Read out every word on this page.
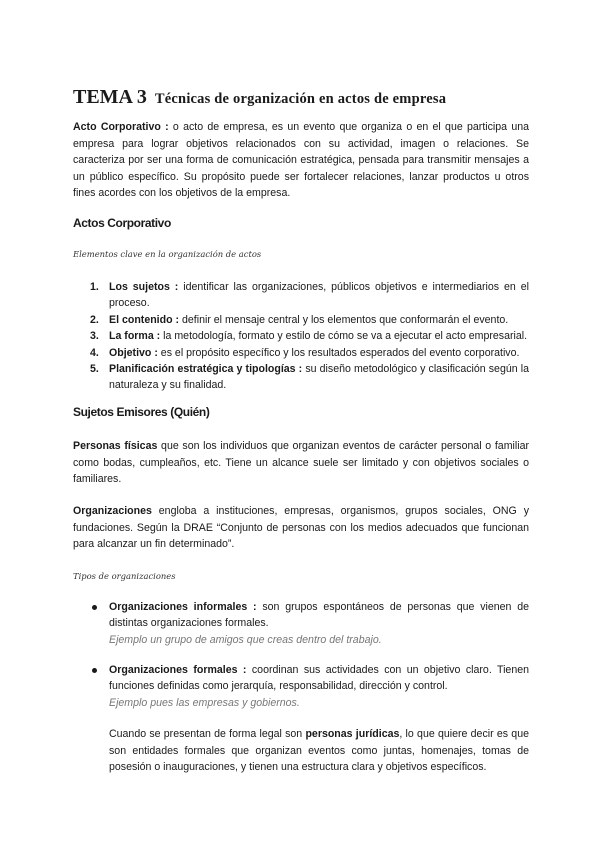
TEMA 3 Técnicas de organización en actos de empresa

Acto Corporativo : o acto de empresa, es un evento que organiza o en el que participa una empresa para lograr objetivos relacionados con su actividad, imagen o relaciones. Se caracteriza por ser una forma de comunicación estratégica, pensada para transmitir mensajes a un público específico. Su propósito puede ser fortalecer relaciones, lanzar productos u otros fines acordes con los objetivos de la empresa.

Actos Corporativo

Elementos clave en la organización de actos

1. Los sujetos : identificar las organizaciones, públicos objetivos e intermediarios en el proceso.
2. El contenido : definir el mensaje central y los elementos que conformarán el evento.
3. La forma : la metodología, formato y estilo de cómo se va a ejecutar el acto empresarial.
4. Objetivo : es el propósito específico y los resultados esperados del evento corporativo.
5. Planificación estratégica y tipologías : su diseño metodológico y clasificación según la naturaleza y su finalidad.
Sujetos Emisores (Quién)

Personas físicas que son los individuos que organizan eventos de carácter personal o familiar como bodas, cumpleaños, etc. Tiene un alcance suele ser limitado y con objetivos sociales o familiares.

Organizaciones engloba a instituciones, empresas, organismos, grupos sociales, ONG y fundaciones. Según la DRAE “Conjunto de personas con los medios adecuados que funcionan para alcanzar un fin determinado”.

Tipos de organizaciones

Organizaciones informales : son grupos espontáneos de personas que vienen de distintas organizaciones formales.
Ejemplo un grupo de amigos que creas dentro del trabajo.
Organizaciones formales : coordinan sus actividades con un objetivo claro. Tienen funciones definidas como jerarquía, responsabilidad, dirección y control.
Ejemplo pues las empresas y gobiernos.

Cuando se presentan de forma legal son personas jurídicas, lo que quiere decir es que son entidades formales que organizan eventos como juntas, homenajes, tomas de posesión o inauguraciones, y tienen una estructura clara y objetivos específicos.
